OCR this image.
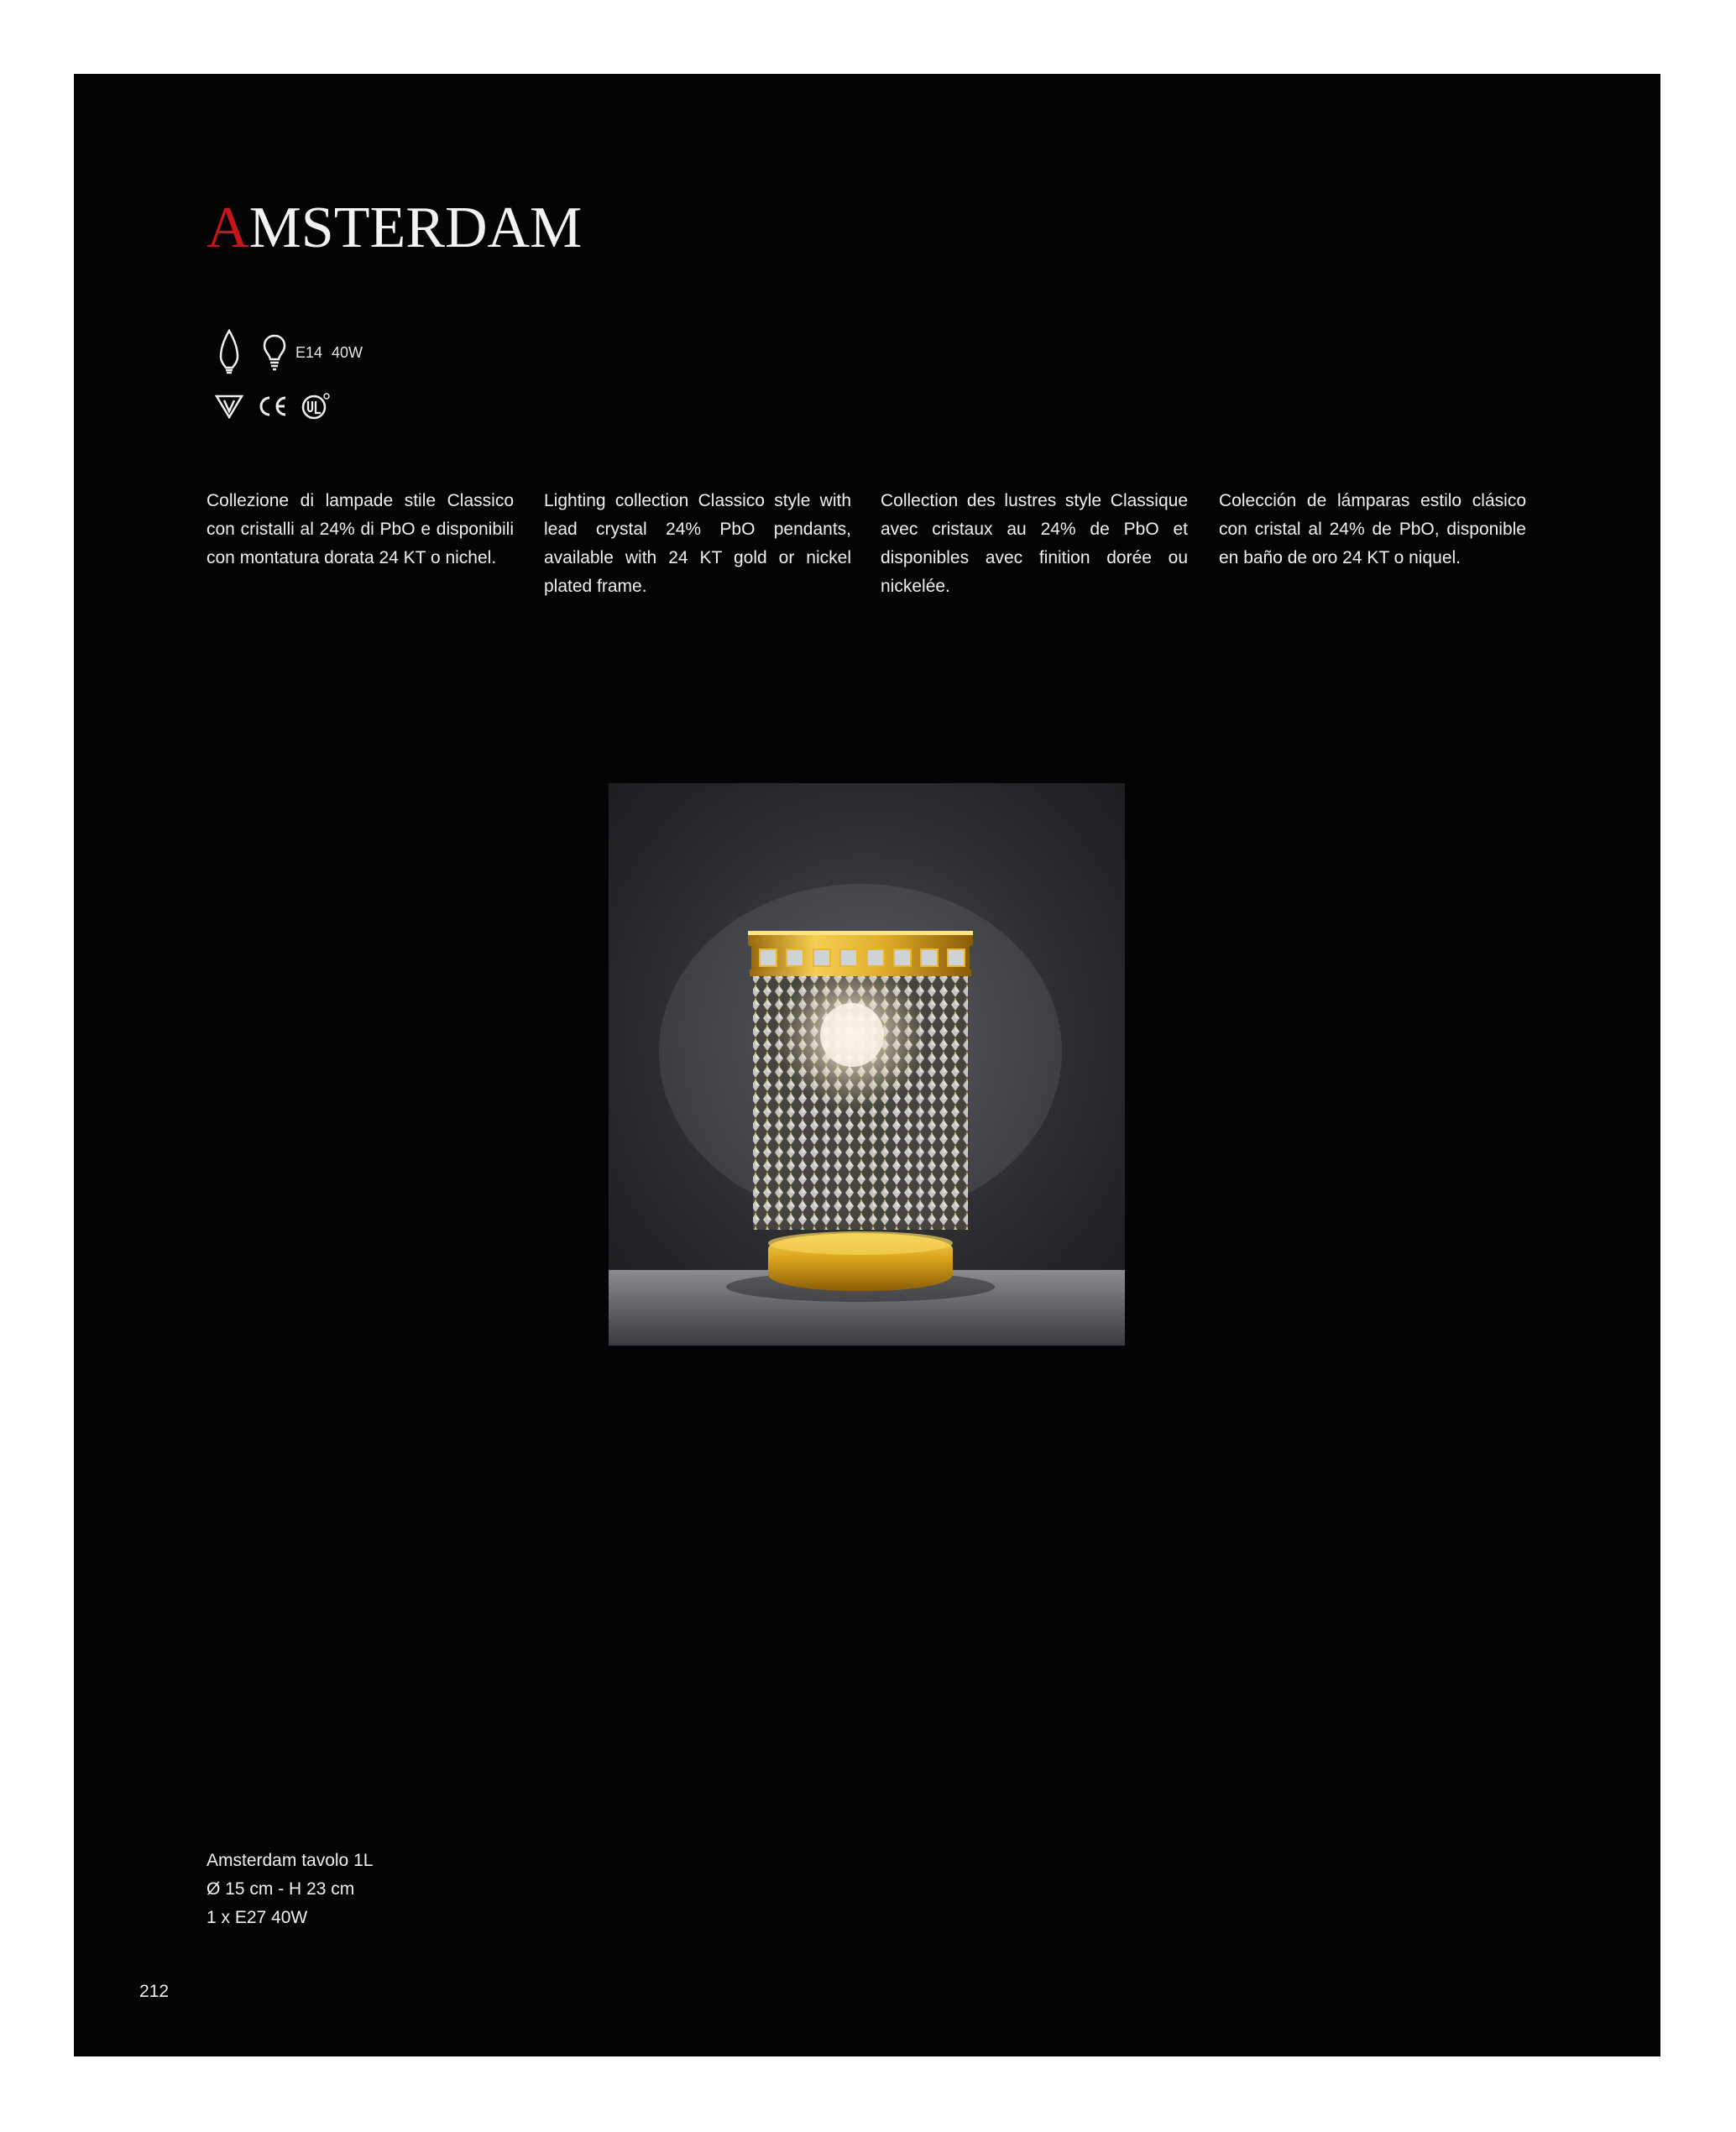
AMSTERDAM
E14 40W

Collezione di lampade stile Classico con cristalli al 24% di PbO e disponibili con montatura dorata 24 KT o nichel.

Lighting collection Classico style with lead crystal 24% PbO pendants, available with 24 KT gold or nickel plated frame.

Collection des lustres style Classique avec cristaux au 24% de PbO et disponibles avec finition dorée ou nickelée.

Colección de lámparas estilo clásico con cristal al 24% de PbO, disponible en baño de oro 24 KT o niquel.

Amsterdam tavolo 1L
Ø 15 cm - H 23 cm
1 x E27 40W
212
